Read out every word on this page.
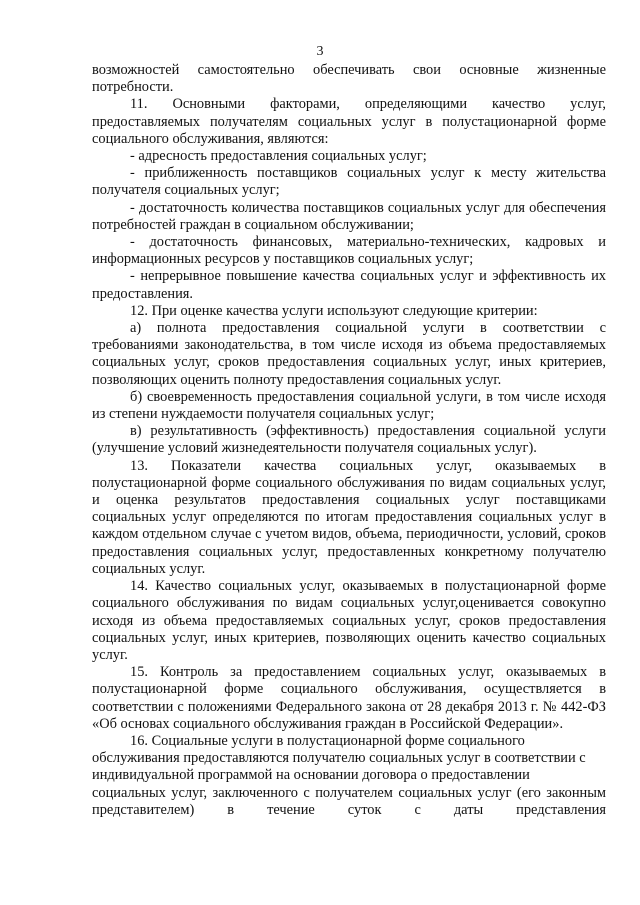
3

возможностей самостоятельно обеспечивать свои основные жизненные потребности.

11. Основными факторами, определяющими качество услуг, предоставляемых получателям социальных услуг в полустационарной форме социального обслуживания, являются:

- адресность предоставления социальных услуг;

- приближенность поставщиков социальных услуг к месту жительства получателя социальных услуг;

- достаточность количества поставщиков социальных услуг для обеспечения потребностей граждан в социальном обслуживании;

- достаточность финансовых, материально-технических, кадровых и информационных ресурсов у поставщиков социальных услуг;

- непрерывное повышение качества социальных услуг и эффективность их предоставления.

12. При оценке качества услуги используют следующие критерии:

а) полнота предоставления социальной услуги в соответствии с требованиями законодательства, в том числе исходя из объема предоставляемых социальных услуг, сроков предоставления социальных услуг, иных критериев, позволяющих оценить полноту предоставления социальных услуг.

б) своевременность предоставления социальной услуги, в том числе исходя из степени нуждаемости получателя социальных услуг;

в) результативность (эффективность) предоставления социальной услуги (улучшение условий жизнедеятельности получателя социальных услуг).

13. Показатели качества социальных услуг, оказываемых в полустационарной форме социального обслуживания по видам социальных услуг, и оценка результатов предоставления социальных услуг поставщиками социальных услуг определяются по итогам предоставления социальных услуг в каждом отдельном случае с учетом видов, объема, периодичности, условий, сроков предоставления социальных услуг, предоставленных конкретному получателю социальных услуг.

14. Качество социальных услуг, оказываемых в полустационарной форме социального обслуживания по видам социальных услуг,оценивается совокупно исходя из объема предоставляемых социальных услуг, сроков предоставления социальных услуг, иных критериев, позволяющих оценить качество социальных услуг.

15. Контроль за предоставлением социальных услуг, оказываемых в полустационарной форме социального обслуживания, осуществляется в соответствии с положениями Федерального закона от 28 декабря 2013 г. № 442-ФЗ «Об основах социального обслуживания граждан в Российской Федерации».

16. Социальные услуги в полустационарной форме социального обслуживания предоставляются получателю социальных услуг в соответствии с индивидуальной программой на основании договора о предоставлении

социальных услуг, заключенного с получателем социальных услуг (его законным представителем) в течение суток с даты представления
